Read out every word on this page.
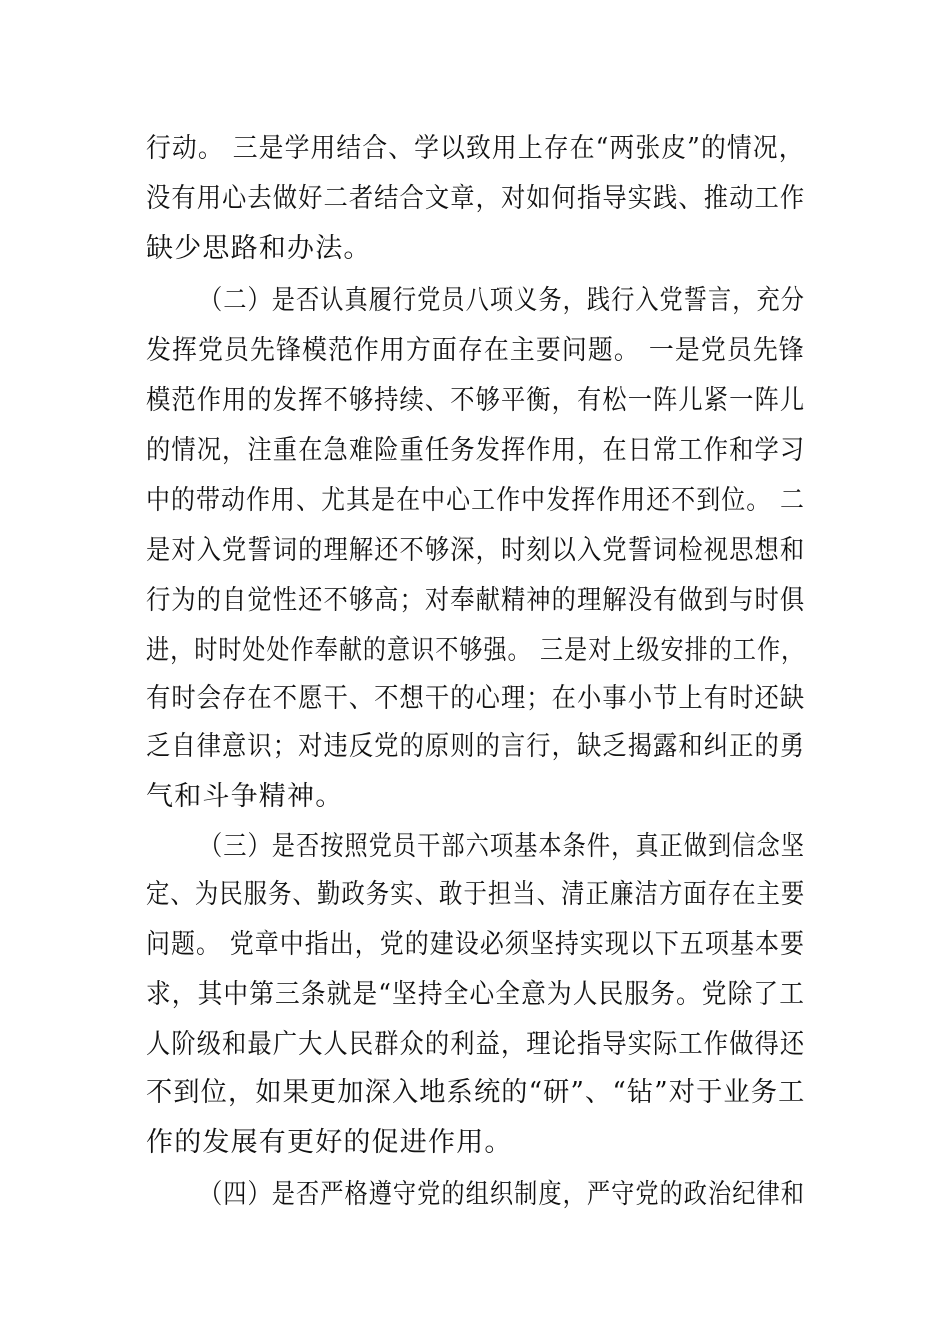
行动。 三是学用结合、学以致用上存在“两张皮”的情况，
没有用心去做好二者结合文章，对如何指导实践、推动工作
缺少思路和办法。
（二）是否认真履行党员八项义务，践行入党誓言，充分
发挥党员先锋模范作用方面存在主要问题。 一是党员先锋
模范作用的发挥不够持续、不够平衡，有松一阵儿紧一阵儿
的情况，注重在急难险重任务发挥作用，在日常工作和学习
中的带动作用、尤其是在中心工作中发挥作用还不到位。 二
是对入党誓词的理解还不够深，时刻以入党誓词检视思想和
行为的自觉性还不够高；对奉献精神的理解没有做到与时俱
进，时时处处作奉献的意识不够强。 三是对上级安排的工作，
有时会存在不愿干、不想干的心理；在小事小节上有时还缺
乏自律意识；对违反党的原则的言行，缺乏揭露和纠正的勇
气和斗争精神。
（三）是否按照党员干部六项基本条件，真正做到信念坚
定、为民服务、勤政务实、敢于担当、清正廉洁方面存在主要
问题。 党章中指出，党的建设必须坚持实现以下五项基本要
求，其中第三条就是“坚持全心全意为人民服务。党除了工
人阶级和最广大人民群众的利益，理论指导实际工作做得还
不到位，如果更加深入地系统的“研”、“钻”对于业务工
作的发展有更好的促进作用。
（四）是否严格遵守党的组织制度，严守党的政治纪律和
